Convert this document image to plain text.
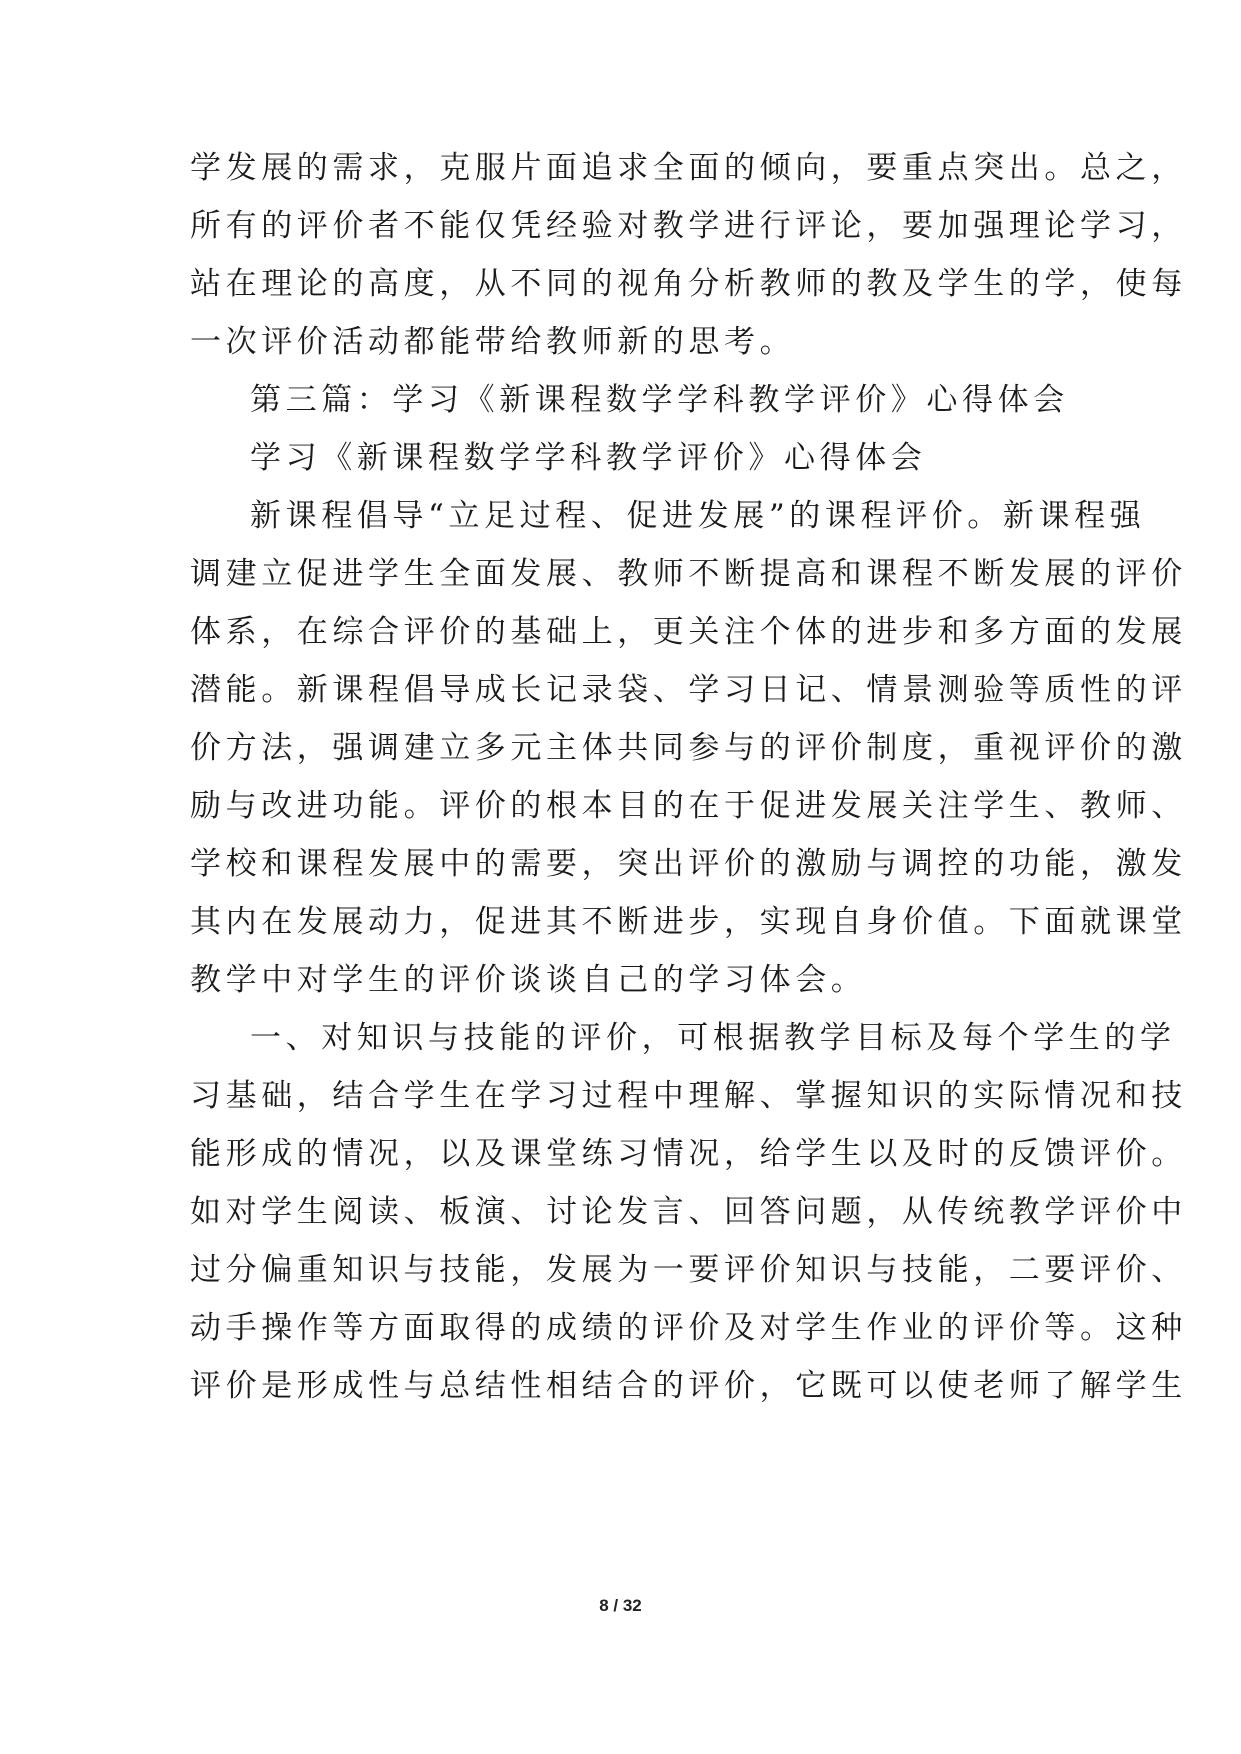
学发展的需求，克服片面追求全面的倾向，要重点突出。总之，
所有的评价者不能仅凭经验对教学进行评论，要加强理论学习，
站在理论的高度，从不同的视角分析教师的教及学生的学，使每
一次评价活动都能带给教师新的思考。
第三篇：学习《新课程数学学科教学评价》心得体会
学习《新课程数学学科教学评价》心得体会
新课程倡导“立足过程、促进发展”的课程评价。新课程强
调建立促进学生全面发展、教师不断提高和课程不断发展的评价
体系，在综合评价的基础上，更关注个体的进步和多方面的发展
潜能。新课程倡导成长记录袋、学习日记、情景测验等质性的评
价方法，强调建立多元主体共同参与的评价制度，重视评价的激
励与改进功能。评价的根本目的在于促进发展关注学生、教师、
学校和课程发展中的需要，突出评价的激励与调控的功能，激发
其内在发展动力，促进其不断进步，实现自身价值。下面就课堂
教学中对学生的评价谈谈自己的学习体会。
一、对知识与技能的评价，可根据教学目标及每个学生的学
习基础，结合学生在学习过程中理解、掌握知识的实际情况和技
能形成的情况，以及课堂练习情况，给学生以及时的反馈评价。
如对学生阅读、板演、讨论发言、回答问题，从传统教学评价中
过分偏重知识与技能，发展为一要评价知识与技能，二要评价、
动手操作等方面取得的成绩的评价及对学生作业的评价等。这种
评价是形成性与总结性相结合的评价，它既可以使老师了解学生
8 / 32
